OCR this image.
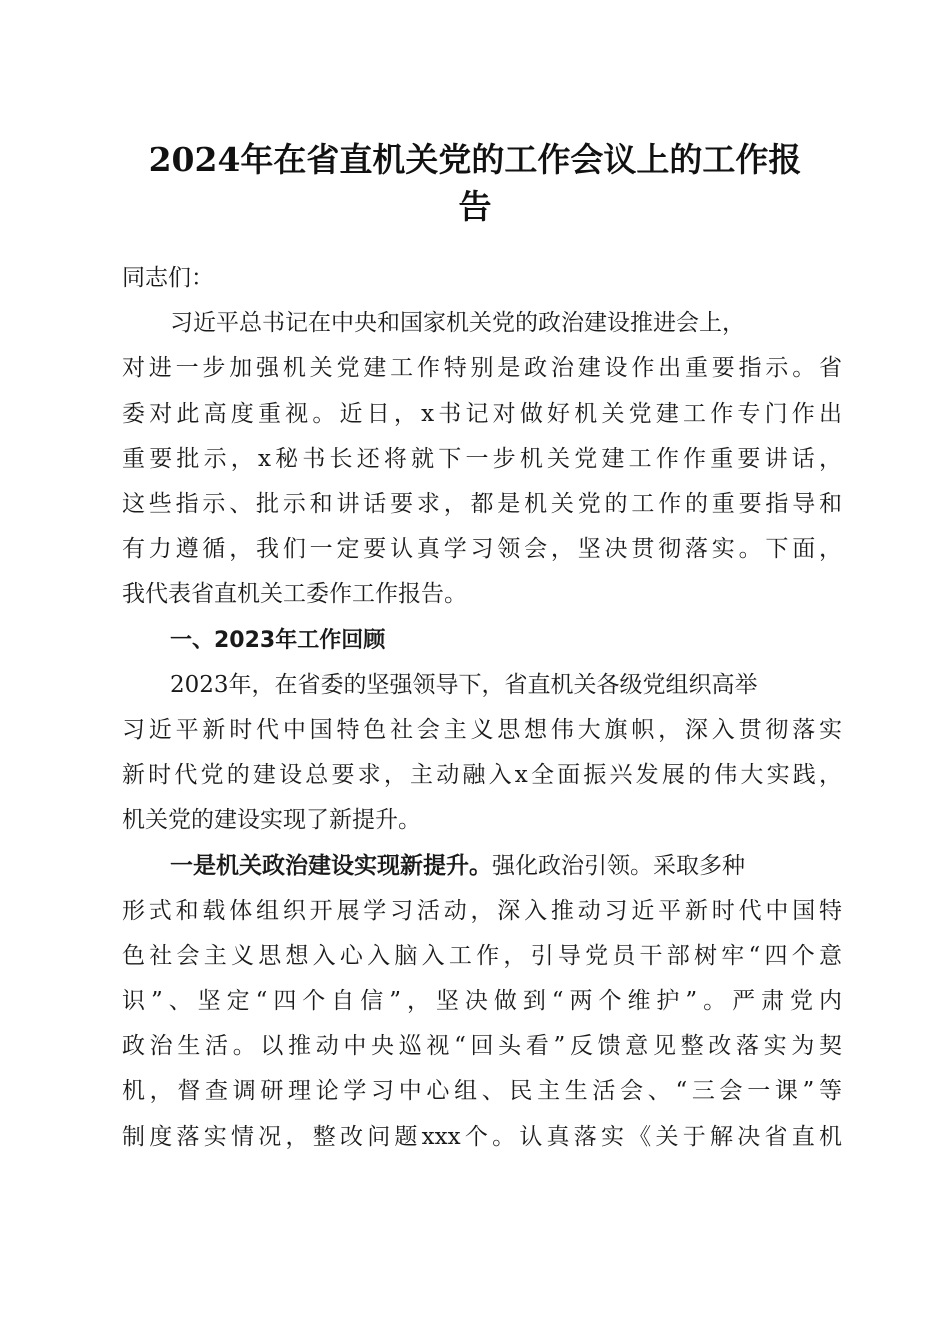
2024年在省直机关党的工作会议上的工作报
告
同志们：
习近平总书记在中央和国家机关党的政治建设推进会上，
对进一步加强机关党建工作特别是政治建设作出重要指示。省
委对此高度重视。近日，x书记对做好机关党建工作专门作出
重要批示，x秘书长还将就下一步机关党建工作作重要讲话，
这些指示、批示和讲话要求，都是机关党的工作的重要指导和
有力遵循，我们一定要认真学习领会，坚决贯彻落实。下面，
我代表省直机关工委作工作报告。
一、2023年工作回顾
2023年，在省委的坚强领导下，省直机关各级党组织高举
习近平新时代中国特色社会主义思想伟大旗帜，深入贯彻落实
新时代党的建设总要求，主动融入x全面振兴发展的伟大实践，
机关党的建设实现了新提升。
一是机关政治建设实现新提升。强化政治引领。采取多种
形式和载体组织开展学习活动，深入推动习近平新时代中国特
色社会主义思想入心入脑入工作，引导党员干部树牢“四个意
识”、坚定“四个自信”，坚决做到“两个维护”。严肃党内
政治生活。以推动中央巡视“回头看”反馈意见整改落实为契
机，督查调研理论学习中心组、民主生活会、“三会一课”等
制度落实情况，整改问题xxx个。认真落实《关于解决省直机
